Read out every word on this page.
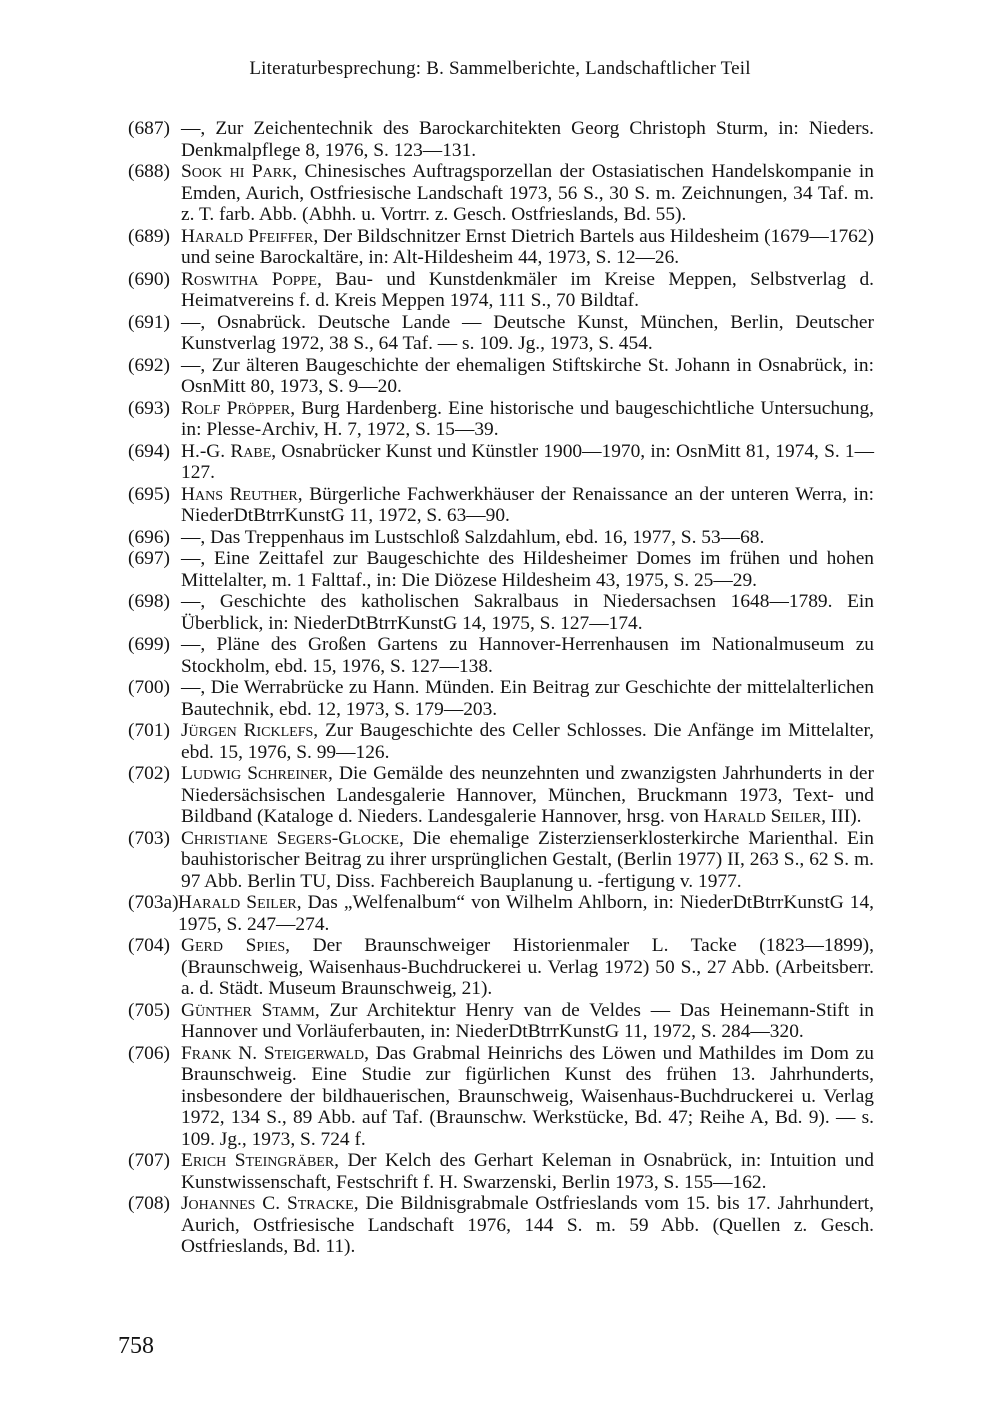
Literaturbesprechung: B. Sammelberichte, Landschaftlicher Teil

(687) —, Zur Zeichentechnik des Barockarchitekten Georg Christoph Sturm, in: Nieders. Denkmalpflege 8, 1976, S. 123—131.

(688) Sook hi Park, Chinesisches Auftragsporzellan der Ostasiatischen Handelskompanie in Emden, Aurich, Ostfriesische Landschaft 1973, 56 S., 30 S. m. Zeichnungen, 34 Taf. m. z. T. farb. Abb. (Abhh. u. Vortrr. z. Gesch. Ostfrieslands, Bd. 55).

(689) Harald Pfeiffer, Der Bildschnitzer Ernst Dietrich Bartels aus Hildesheim (1679—1762) und seine Barockaltäre, in: Alt-Hildesheim 44, 1973, S. 12—26.

(690) Roswitha Poppe, Bau- und Kunstdenkmäler im Kreise Meppen, Selbstverlag d. Heimatvereins f. d. Kreis Meppen 1974, 111 S., 70 Bildtaf.

(691) —, Osnabrück. Deutsche Lande — Deutsche Kunst, München, Berlin, Deutscher Kunstverlag 1972, 38 S., 64 Taf. — s. 109. Jg., 1973, S. 454.

(692) —, Zur älteren Baugeschichte der ehemaligen Stiftskirche St. Johann in Osnabrück, in: OsnMitt 80, 1973, S. 9—20.

(693) Rolf Pröpper, Burg Hardenberg. Eine historische und baugeschichtliche Untersuchung, in: Plesse-Archiv, H. 7, 1972, S. 15—39.

(694) H.-G. Rabe, Osnabrücker Kunst und Künstler 1900—1970, in: OsnMitt 81, 1974, S. 1—127.

(695) Hans Reuther, Bürgerliche Fachwerkhäuser der Renaissance an der unteren Werra, in: NiederDtBtrrKunstG 11, 1972, S. 63—90.

(696) —, Das Treppenhaus im Lustschloß Salzdahlum, ebd. 16, 1977, S. 53—68.

(697) —, Eine Zeittafel zur Baugeschichte des Hildesheimer Domes im frühen und hohen Mittelalter, m. 1 Falttaf., in: Die Diözese Hildesheim 43, 1975, S. 25—29.

(698) —, Geschichte des katholischen Sakralbaus in Niedersachsen 1648—1789. Ein Überblick, in: NiederDtBtrrKunstG 14, 1975, S. 127—174.

(699) —, Pläne des Großen Gartens zu Hannover-Herrenhausen im Nationalmuseum zu Stockholm, ebd. 15, 1976, S. 127—138.

(700) —, Die Werrabrücke zu Hann. Münden. Ein Beitrag zur Geschichte der mittelalterlichen Bautechnik, ebd. 12, 1973, S. 179—203.

(701) Jürgen Ricklefs, Zur Baugeschichte des Celler Schlosses. Die Anfänge im Mittelalter, ebd. 15, 1976, S. 99—126.

(702) Ludwig Schreiner, Die Gemälde des neunzehnten und zwanzigsten Jahrhunderts in der Niedersächsischen Landesgalerie Hannover, München, Bruckmann 1973, Text- und Bildband (Kataloge d. Nieders. Landesgalerie Hannover, hrsg. von Harald Seiler, III).

(703) Christiane Segers-Glocke, Die ehemalige Zisterzienserklosterkirche Marienthal. Ein bauhistorischer Beitrag zu ihrer ursprünglichen Gestalt, (Berlin 1977) II, 263 S., 62 S. m. 97 Abb. Berlin TU, Diss. Fachbereich Bauplanung u. -fertigung v. 1977.

(703a) Harald Seiler, Das „Welfenalbum“ von Wilhelm Ahlborn, in: NiederDtBtrrKunstG 14, 1975, S. 247—274.

(704) Gerd Spies, Der Braunschweiger Historienmaler L. Tacke (1823—1899), (Braunschweig, Waisenhaus-Buchdruckerei u. Verlag 1972) 50 S., 27 Abb. (Arbeitsberr. a. d. Städt. Museum Braunschweig, 21).

(705) Günther Stamm, Zur Architektur Henry van de Veldes — Das Heinemann-Stift in Hannover und Vorläuferbauten, in: NiederDtBtrrKunstG 11, 1972, S. 284—320.

(706) Frank N. Steigerwald, Das Grabmal Heinrichs des Löwen und Mathildes im Dom zu Braunschweig. Eine Studie zur figürlichen Kunst des frühen 13. Jahrhunderts, insbesondere der bildhauerischen, Braunschweig, Waisenhaus-Buchdruckerei u. Verlag 1972, 134 S., 89 Abb. auf Taf. (Braunschw. Werkstücke, Bd. 47; Reihe A, Bd. 9). — s. 109. Jg., 1973, S. 724 f.

(707) Erich Steingräber, Der Kelch des Gerhart Keleman in Osnabrück, in: Intuition und Kunstwissenschaft, Festschrift f. H. Swarzenski, Berlin 1973, S. 155—162.

(708) Johannes C. Stracke, Die Bildnisgrabmale Ostfrieslands vom 15. bis 17. Jahrhundert, Aurich, Ostfriesische Landschaft 1976, 144 S. m. 59 Abb. (Quellen z. Gesch. Ostfrieslands, Bd. 11).

758
